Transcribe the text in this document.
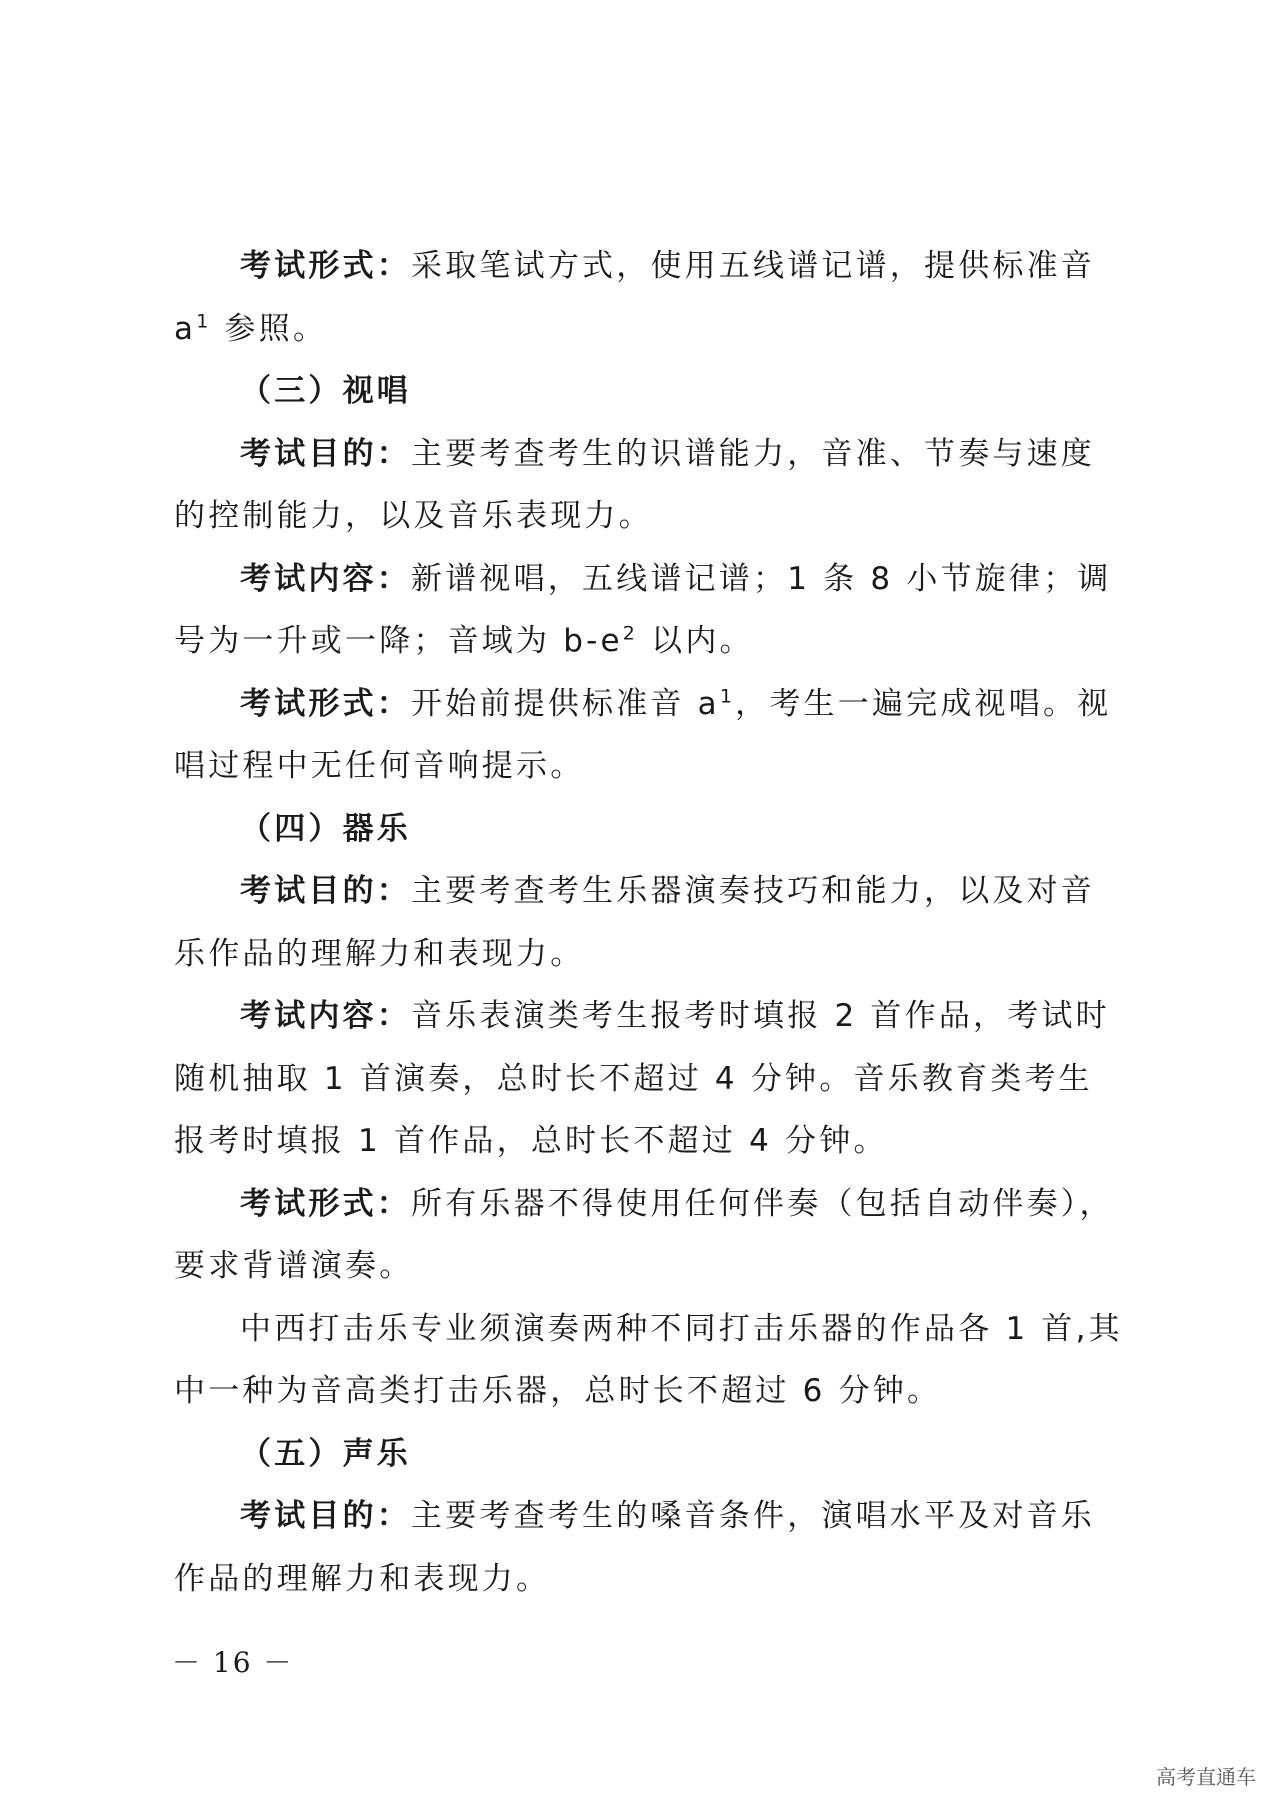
考试形式：采取笔试方式，使用五线谱记谱，提供标准音 $a^1$ 参照。

（三）视唱

考试目的：主要考查考生的识谱能力，音准、节奏与速度的控制能力，以及音乐表现力。

考试内容：新谱视唱，五线谱记谱；1 条 8 小节旋律；调号为一升或一降；音域为 $b-e^2$ 以内。

考试形式：开始前提供标准音 $a^1$，考生一遍完成视唱。视唱过程中无任何音响提示。

（四）器乐

考试目的：主要考查考生乐器演奏技巧和能力，以及对音乐作品的理解力和表现力。

考试内容：音乐表演类考生报考时填报 2 首作品，考试时随机抽取 1 首演奏，总时长不超过 4 分钟。音乐教育类考生报考时填报 1 首作品，总时长不超过 4 分钟。

考试形式：所有乐器不得使用任何伴奏（包括自动伴奏），要求背谱演奏。

中西打击乐专业须演奏两种不同打击乐器的作品各 1 首,其中一种为音高类打击乐器，总时长不超过 6 分钟。

（五）声乐

考试目的：主要考查考生的嗓音条件，演唱水平及对音乐作品的理解力和表现力。

－ 16 －
高考直通车
